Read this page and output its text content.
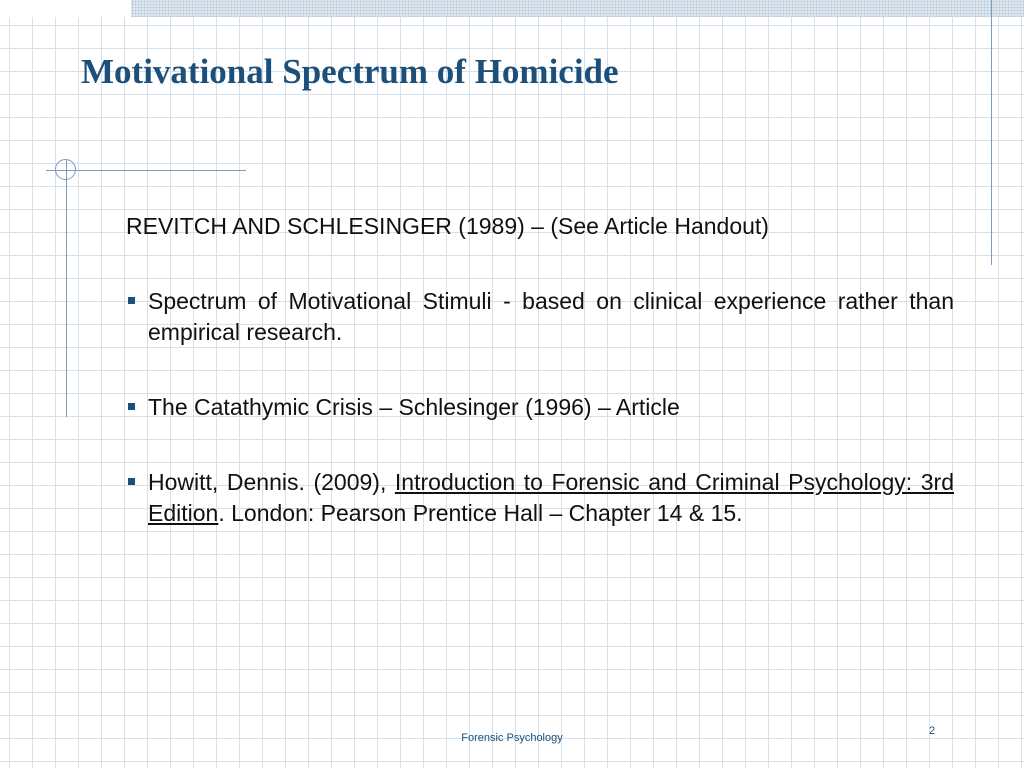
Motivational Spectrum of Homicide
REVITCH AND SCHLESINGER (1989) – (See Article Handout)
Spectrum of Motivational Stimuli - based on clinical experience rather than empirical research.
The Catathymic Crisis – Schlesinger (1996) – Article
Howitt, Dennis. (2009), Introduction to Forensic and Criminal Psychology: 3rd Edition. London: Pearson Prentice Hall – Chapter 14 & 15.
Forensic Psychology
2
